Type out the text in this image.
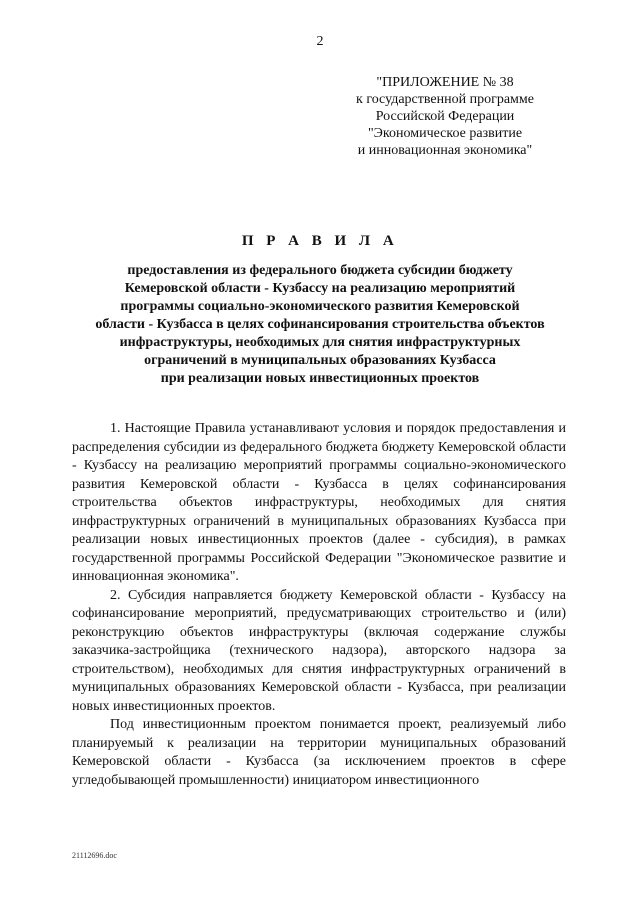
2
"ПРИЛОЖЕНИЕ № 38
к государственной программе
Российской Федерации
"Экономическое развитие
и инновационная экономика"
П Р А В И Л А
предоставления из федерального бюджета субсидии бюджету
Кемеровской области - Кузбассу на реализацию мероприятий
программы социально-экономического развития Кемеровской
области - Кузбасса в целях софинансирования строительства объектов
инфраструктуры, необходимых для снятия инфраструктурных
ограничений в муниципальных образованиях Кузбасса
при реализации новых инвестиционных проектов

1. Настоящие Правила устанавливают условия и порядок предоставления и распределения субсидии из федерального бюджета бюджету Кемеровской области - Кузбассу на реализацию мероприятий программы социально-экономического развития Кемеровской области - Кузбасса в целях софинансирования строительства объектов инфраструктуры, необходимых для снятия инфраструктурных ограничений в муниципальных образованиях Кузбасса при реализации новых инвестиционных проектов (далее - субсидия), в рамках государственной программы Российской Федерации "Экономическое развитие и инновационная экономика".

2. Субсидия направляется бюджету Кемеровской области - Кузбассу на софинансирование мероприятий, предусматривающих строительство и (или) реконструкцию объектов инфраструктуры (включая содержание службы заказчика-застройщика (технического надзора), авторского надзора за строительством), необходимых для снятия инфраструктурных ограничений в муниципальных образованиях Кемеровской области - Кузбасса, при реализации новых инвестиционных проектов.

Под инвестиционным проектом понимается проект, реализуемый либо планируемый к реализации на территории муниципальных образований Кемеровской области - Кузбасса (за исключением проектов в сфере угледобывающей промышленности) инициатором инвестиционного

21112696.doc
